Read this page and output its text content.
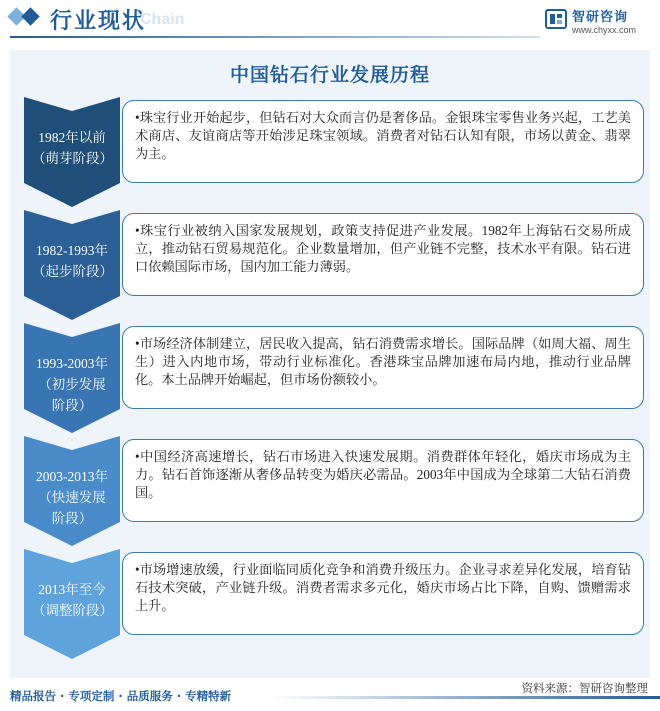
行业现状
Chain	智研咨询
www.chyxx.com
中国钻石行业发展历程
1982年以前
（萌芽阶段）
•珠宝行业开始起步，但钻石对大众而言仍是奢侈品。金银珠宝零售业务兴起，工艺美术商店、友谊商店等开始涉足珠宝领域。消费者对钻石认知有限，市场以黄金、翡翠为主。
1982-1993年
（起步阶段）
•珠宝行业被纳入国家发展规划，政策支持促进产业发展。1982年上海钻石交易所成立，推动钻石贸易规范化。企业数量增加，但产业链不完整，技术水平有限。钻石进口依赖国际市场，国内加工能力薄弱。
1993-2003年
（初步发展阶段）
•市场经济体制建立，居民收入提高，钻石消费需求增长。国际品牌（如周大福、周生生）进入内地市场，带动行业标准化。香港珠宝品牌加速布局内地，推动行业品牌化。本土品牌开始崛起，但市场份额较小。
2003-2013年
（快速发展阶段）
•中国经济高速增长，钻石市场进入快速发展期。消费群体年轻化，婚庆市场成为主力。钻石首饰逐渐从奢侈品转变为婚庆必需品。2003年中国成为全球第二大钻石消费国。
2013年至今
（调整阶段）
•市场增速放缓，行业面临同质化竞争和消费升级压力。企业寻求差异化发展，培育钻石技术突破，产业链升级。消费者需求多元化，婚庆市场占比下降，自购、馈赠需求上升。
资料来源：智研咨询整理
精品报告 · 专项定制 · 品质服务 · 专精特新
